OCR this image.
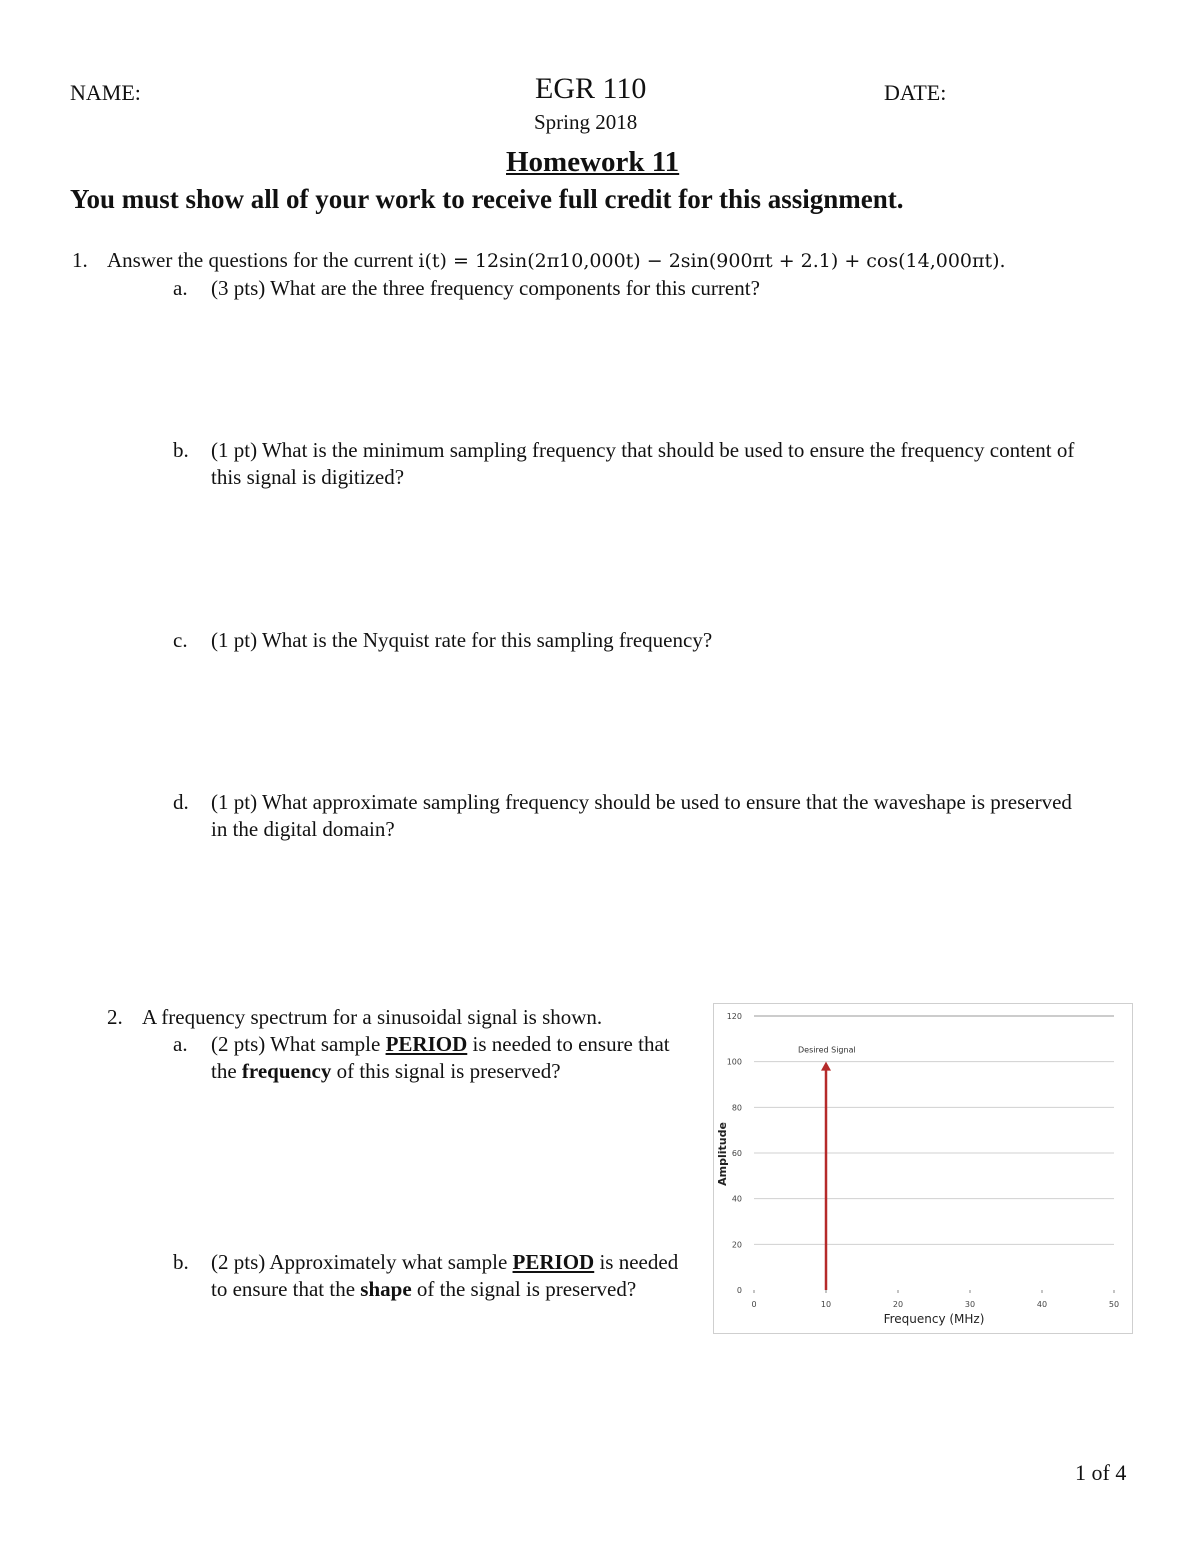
NAME:	EGR 110	DATE:
Spring 2018
Homework 11
You must show all of your work to receive full credit for this assignment.
1. Answer the questions for the current i(t) = 12sin(2π10,000t) − 2sin(900πt + 2.1) + cos(14,000πt).
a. (3 pts) What are the three frequency components for this current?
b. (1 pt) What is the minimum sampling frequency that should be used to ensure the frequency content of this signal is digitized?
c. (1 pt) What is the Nyquist rate for this sampling frequency?
d. (1 pt) What approximate sampling frequency should be used to ensure that the waveshape is preserved in the digital domain?
2. A frequency spectrum for a sinusoidal signal is shown.
a. (2 pts) What sample PERIOD is needed to ensure that the frequency of this signal is preserved?
b. (2 pts) Approximately what sample PERIOD is needed to ensure that the shape of the signal is preserved?	0
20
40
60
80
100
120
0	10	20	30	40	50
Desired Signal
Amplitude
Frequency (MHz)
1 of 4
